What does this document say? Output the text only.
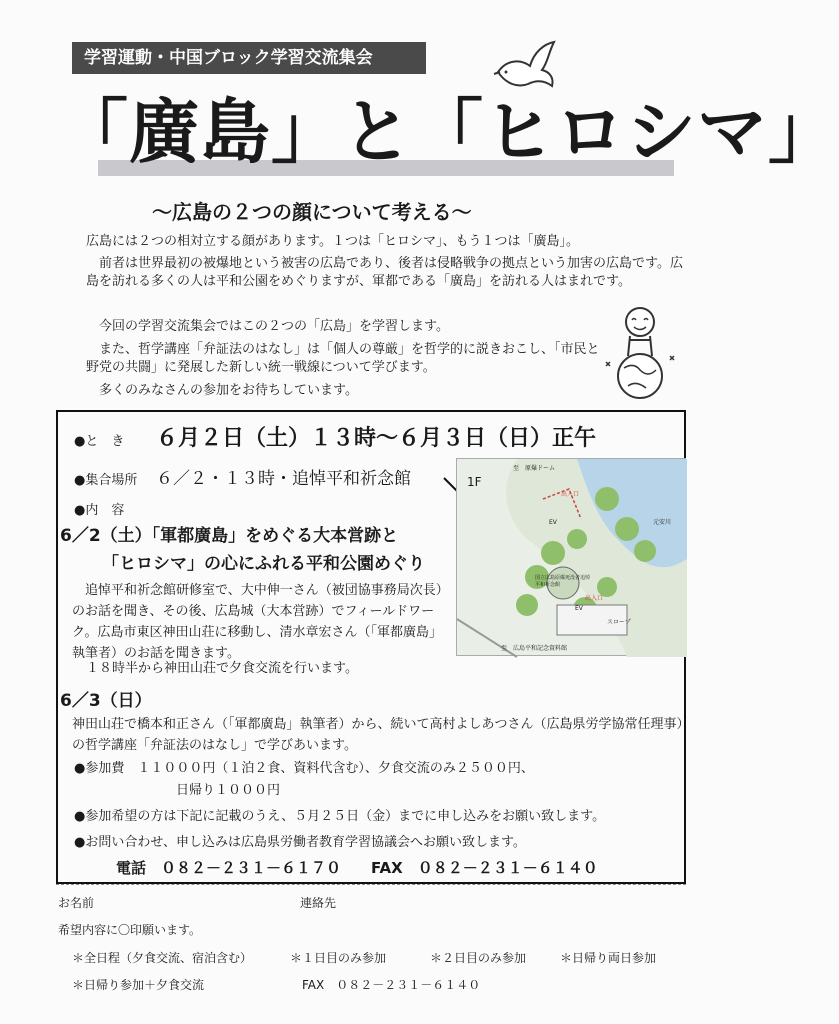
学習運動・中国ブロック学習交流集会
「廣島」と「ヒロシマ」
～広島の２つの顔について考える～
広島には２つの相対立する顔があります。１つは「ヒロシマ」、もう１つは「廣島」。
前者は世界最初の被爆地という被害の広島であり、後者は侵略戦争の拠点という加害の広島です。広島を訪れる多くの人は平和公園をめぐりますが、軍都である「廣島」を訪れる人はまれです。
今回の学習交流集会ではこの２つの「広島」を学習します。
また、哲学講座「弁証法のはなし」は「個人の尊厳」を哲学的に説きおこし、「市民と野党の共闘」に発展した新しい統一戦線について学びます。
多くのみなさんの参加をお待ちしています。
●と　き ６月２日（土）１３時～６月３日（日）正午
●集合場所 ６／２・１３時・追悼平和祈念館
●内　容
1F
至　原爆ドーム
EV
EV
元安川
国立広島原爆死没者追悼平和祈念館
出入口
出入口
スロープ
至　広島平和記念資料館
6／2（土）「軍都廣島」をめぐる大本営跡と
「ヒロシマ」の心にふれる平和公園めぐり
追悼平和祈念館研修室で、大中伸一さん（被団協事務局次長）のお話を聞き、その後、広島城（大本営跡）でフィールドワーク。広島市東区神田山荘に移動し、清水章宏さん（「軍都廣島」執筆者）のお話を聞きます。
１８時半から神田山荘で夕食交流を行います。
6／3（日）
神田山荘で橋本和正さん（「軍都廣島」執筆者）から、続いて高村よしあつさん（広島県労学協常任理事）の哲学講座「弁証法のはなし」で学びあいます。
●参加費　１１０００円（１泊２食、資料代含む）、夕食交流のみ２５００円、
日帰り１０００円
●参加希望の方は下記に記載のうえ、５月２５日（金）までに申し込みをお願い致します。
●お問い合わせ、申し込みは広島県労働者教育学習協議会へお願い致します。
電話　０８２－２３１－６１７０　　FAX　０８２－２３１－６１４０
お名前	連絡先
希望内容に〇印願います。
＊全日程（夕食交流、宿泊含む）	＊１日目のみ参加	＊２日目のみ参加	＊日帰り両日参加
＊日帰り参加＋夕食交流	FAX　０８２－２３１－６１４０
